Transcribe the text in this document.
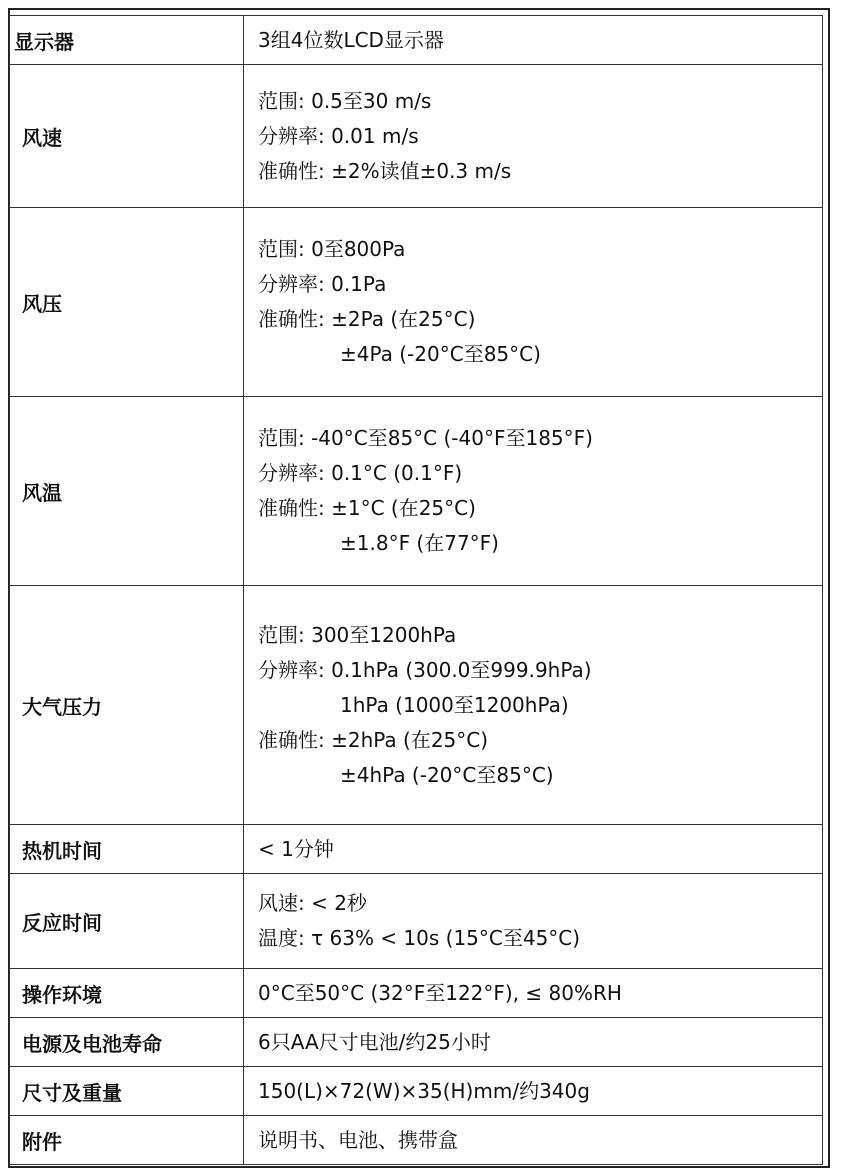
显示器	3组4位数LCD显示器

风速	范围: 0.5至30 m/s
分辨率: 0.01 m/s
准确性: ±2%读值±0.3 m/s

风压	范围: 0至800Pa
分辨率: 0.1Pa
准确性: ±2Pa (在25°C)
±4Pa (-20°C至85°C)

风温	范围: -40°C至85°C (-40°F至185°F)
分辨率: 0.1°C (0.1°F)
准确性: ±1°C (在25°C)
±1.8°F (在77°F)

大气压力	范围: 300至1200hPa
分辨率: 0.1hPa (300.0至999.9hPa)
1hPa (1000至1200hPa)
准确性: ±2hPa (在25°C)
±4hPa (-20°C至85°C)

热机时间	< 1分钟

反应时间	风速: < 2秒
温度: τ 63% < 10s (15°C至45°C)

操作环境	0°C至50°C (32°F至122°F), ≤ 80%RH

电源及电池寿命	6只AA尺寸电池/约25小时

尺寸及重量	150(L)×72(W)×35(H)mm/约340g

附件	说明书、电池、携带盒
